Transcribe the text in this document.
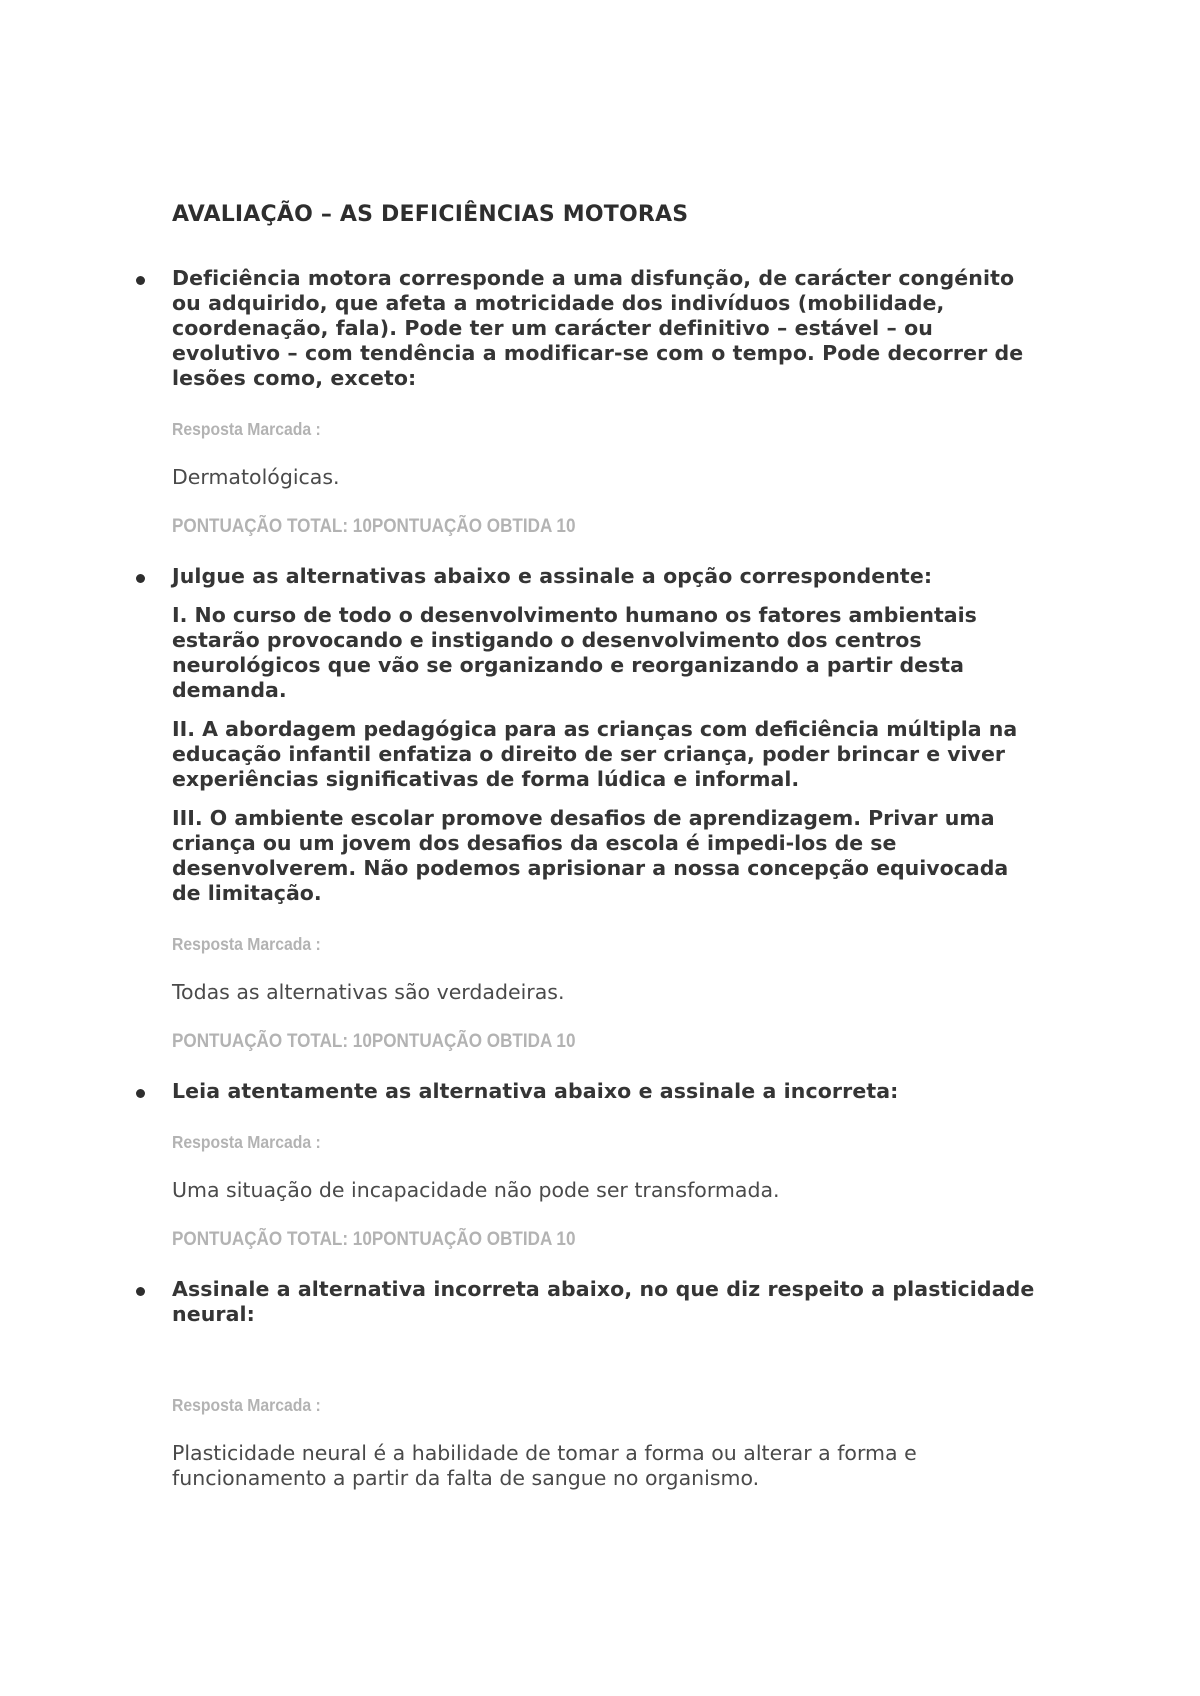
AVALIAÇÃO – AS DEFICIÊNCIAS MOTORAS

Deficiência motora corresponde a uma disfunção, de carácter congénito ou adquirido, que afeta a motricidade dos indivíduos (mobilidade, coordenação, fala). Pode ter um carácter definitivo – estável – ou evolutivo – com tendência a modificar-se com o tempo. Pode decorrer de lesões como, exceto:

Resposta Marcada :

Dermatológicas.

PONTUAÇÃO TOTAL: 10PONTUAÇÃO OBTIDA 10

Julgue as alternativas abaixo e assinale a opção correspondente:

I. No curso de todo o desenvolvimento humano os fatores ambientais estarão provocando e instigando o desenvolvimento dos centros neurológicos que vão se organizando e reorganizando a partir desta demanda.

II. A abordagem pedagógica para as crianças com deficiência múltipla na educação infantil enfatiza o direito de ser criança, poder brincar e viver experiências significativas de forma lúdica e informal.

III. O ambiente escolar promove desafios de aprendizagem. Privar uma criança ou um jovem dos desafios da escola é impedi-los de se desenvolverem. Não podemos aprisionar a nossa concepção equivocada de limitação.

Resposta Marcada :

Todas as alternativas são verdadeiras.

PONTUAÇÃO TOTAL: 10PONTUAÇÃO OBTIDA 10

Leia atentamente as alternativa abaixo e assinale a incorreta:

Resposta Marcada :

Uma situação de incapacidade não pode ser transformada.

PONTUAÇÃO TOTAL: 10PONTUAÇÃO OBTIDA 10

Assinale a alternativa incorreta abaixo, no que diz respeito a plasticidade neural:

Resposta Marcada :

Plasticidade neural é a habilidade de tomar a forma ou alterar a forma e funcionamento a partir da falta de sangue no organismo.
